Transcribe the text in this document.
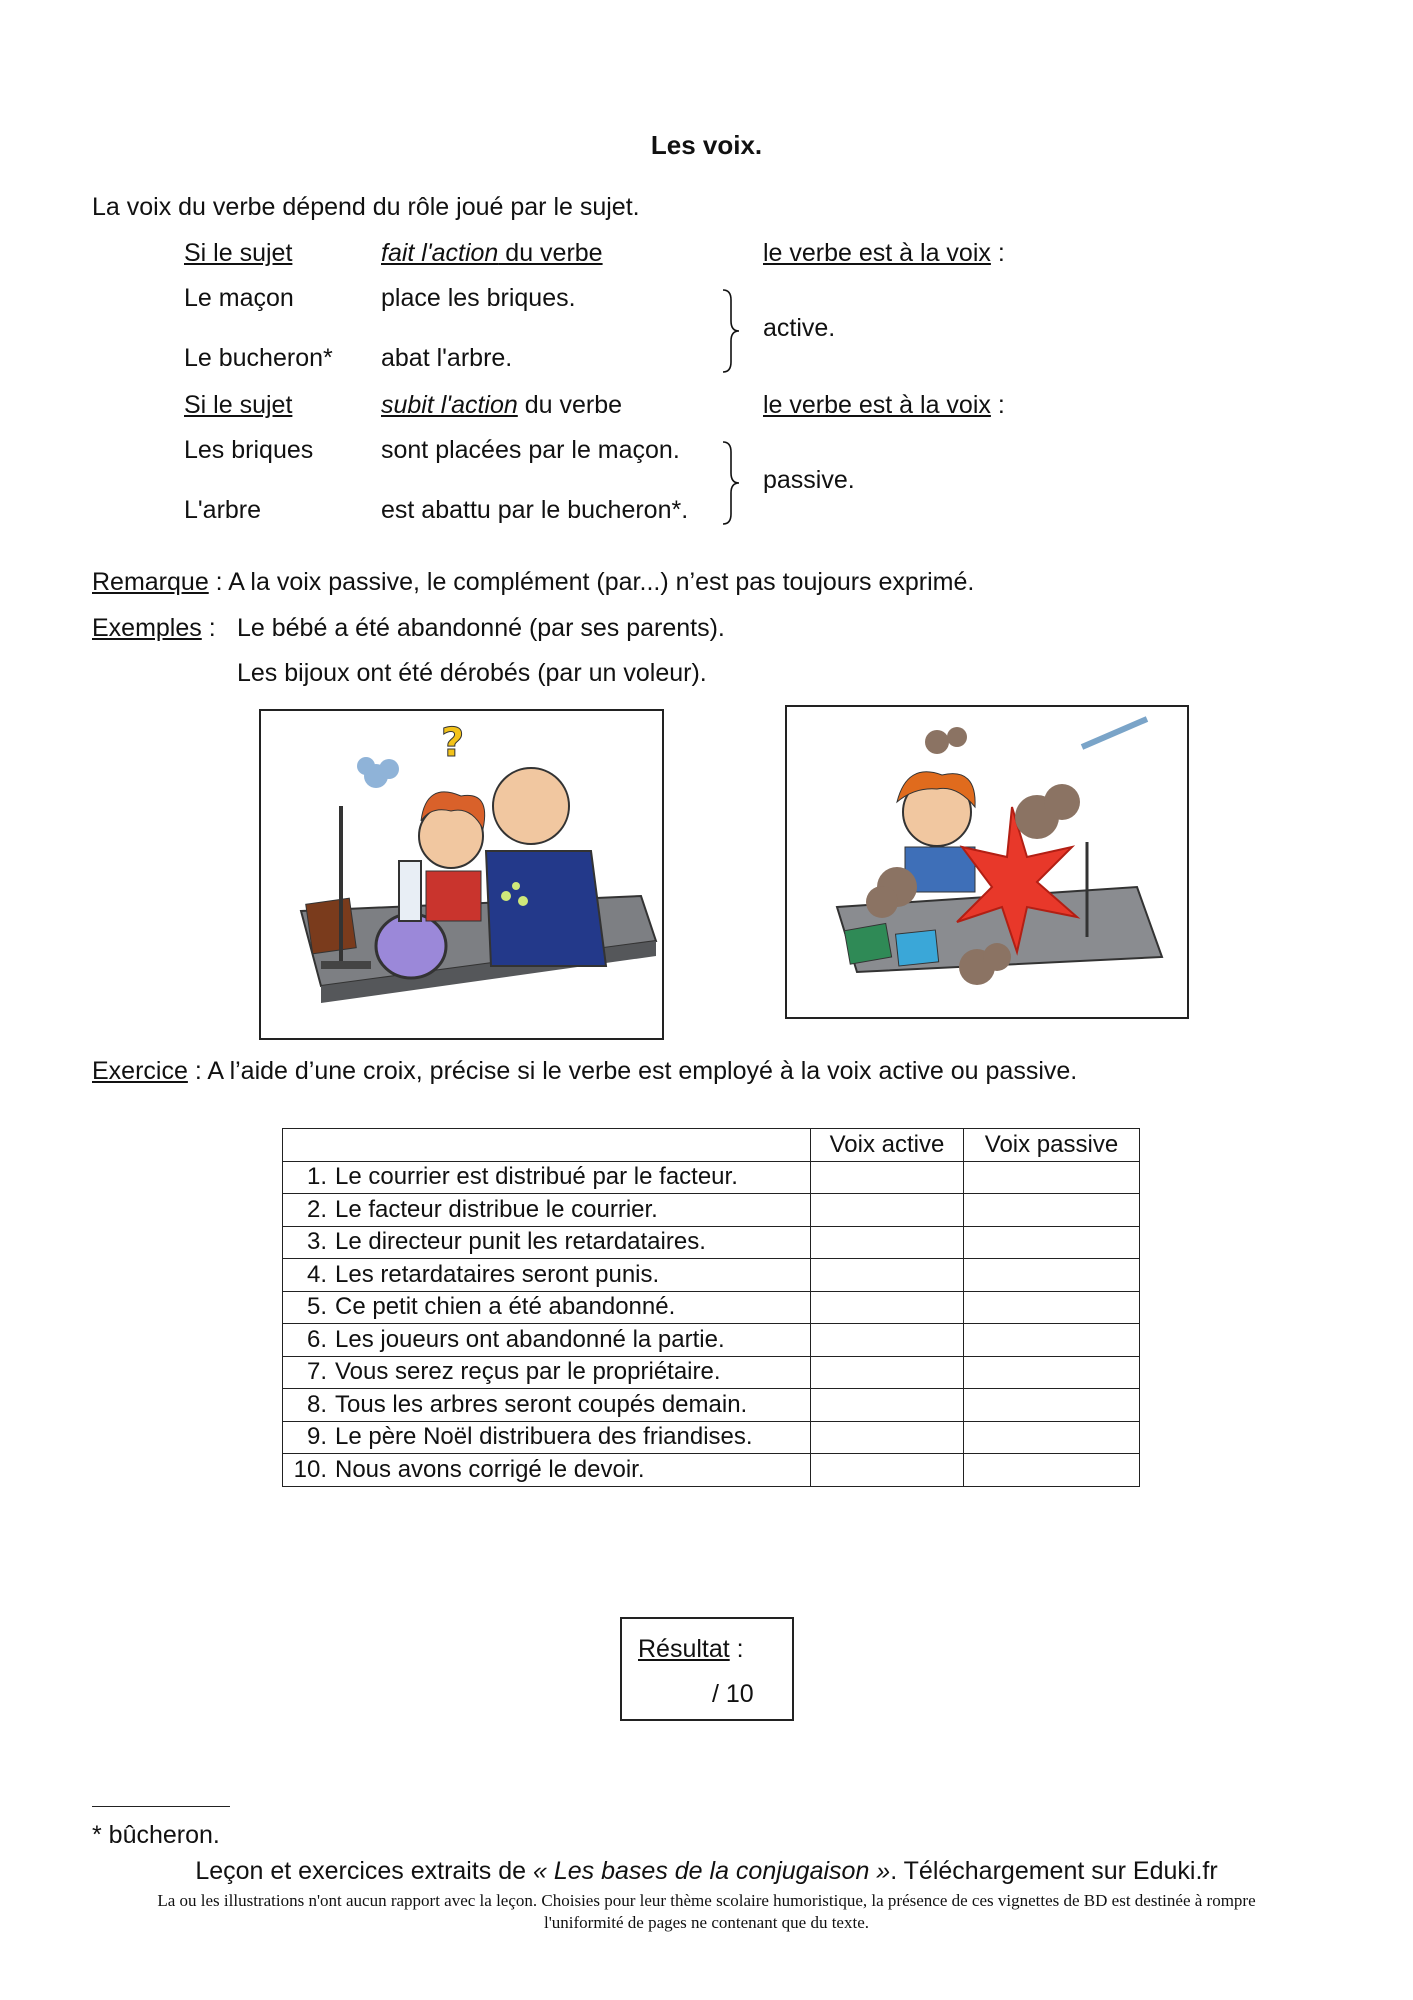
Les voix.
La voix du verbe dépend du rôle joué par le sujet.
Si le sujet	fait l'action du verbe	le verbe est à la voix :
Le maçon	place les briques.
Le bucheron* abat l'arbre.
active.
Si le sujet	subit l'action du verbe	le verbe est à la voix :
Les briques	sont placées par le maçon.
L'arbre	est abattu par le bucheron*.
passive.
Remarque : A la voix passive, le complément (par...) n’est pas toujours exprimé.
Exemples : Le bébé a été abandonné (par ses parents).
Les bijoux ont été dérobés (par un voleur).
?
Exercice : A l’aide d’une croix, précise si le verbe est employé à la voix active ou passive.
	Voix active	Voix passive
1. Le courrier est distribué par le facteur.		
2. Le facteur distribue le courrier.		
3. Le directeur punit les retardataires.		
4. Les retardataires seront punis.		
5. Ce petit chien a été abandonné.		
6. Les joueurs ont abandonné la partie.		
7. Vous serez reçus par le propriétaire.		
8. Tous les arbres seront coupés demain.		
9. Le père Noël distribuera des friandises.		
10. Nous avons corrigé le devoir.		
Résultat :
/ 10
* bûcheron.
Leçon et exercices extraits de « Les bases de la conjugaison ». Téléchargement sur Eduki.fr
La ou les illustrations n'ont aucun rapport avec la leçon. Choisies pour leur thème scolaire humoristique, la présence de ces vignettes de BD est destinée à rompre
l'uniformité de pages ne contenant que du texte.
